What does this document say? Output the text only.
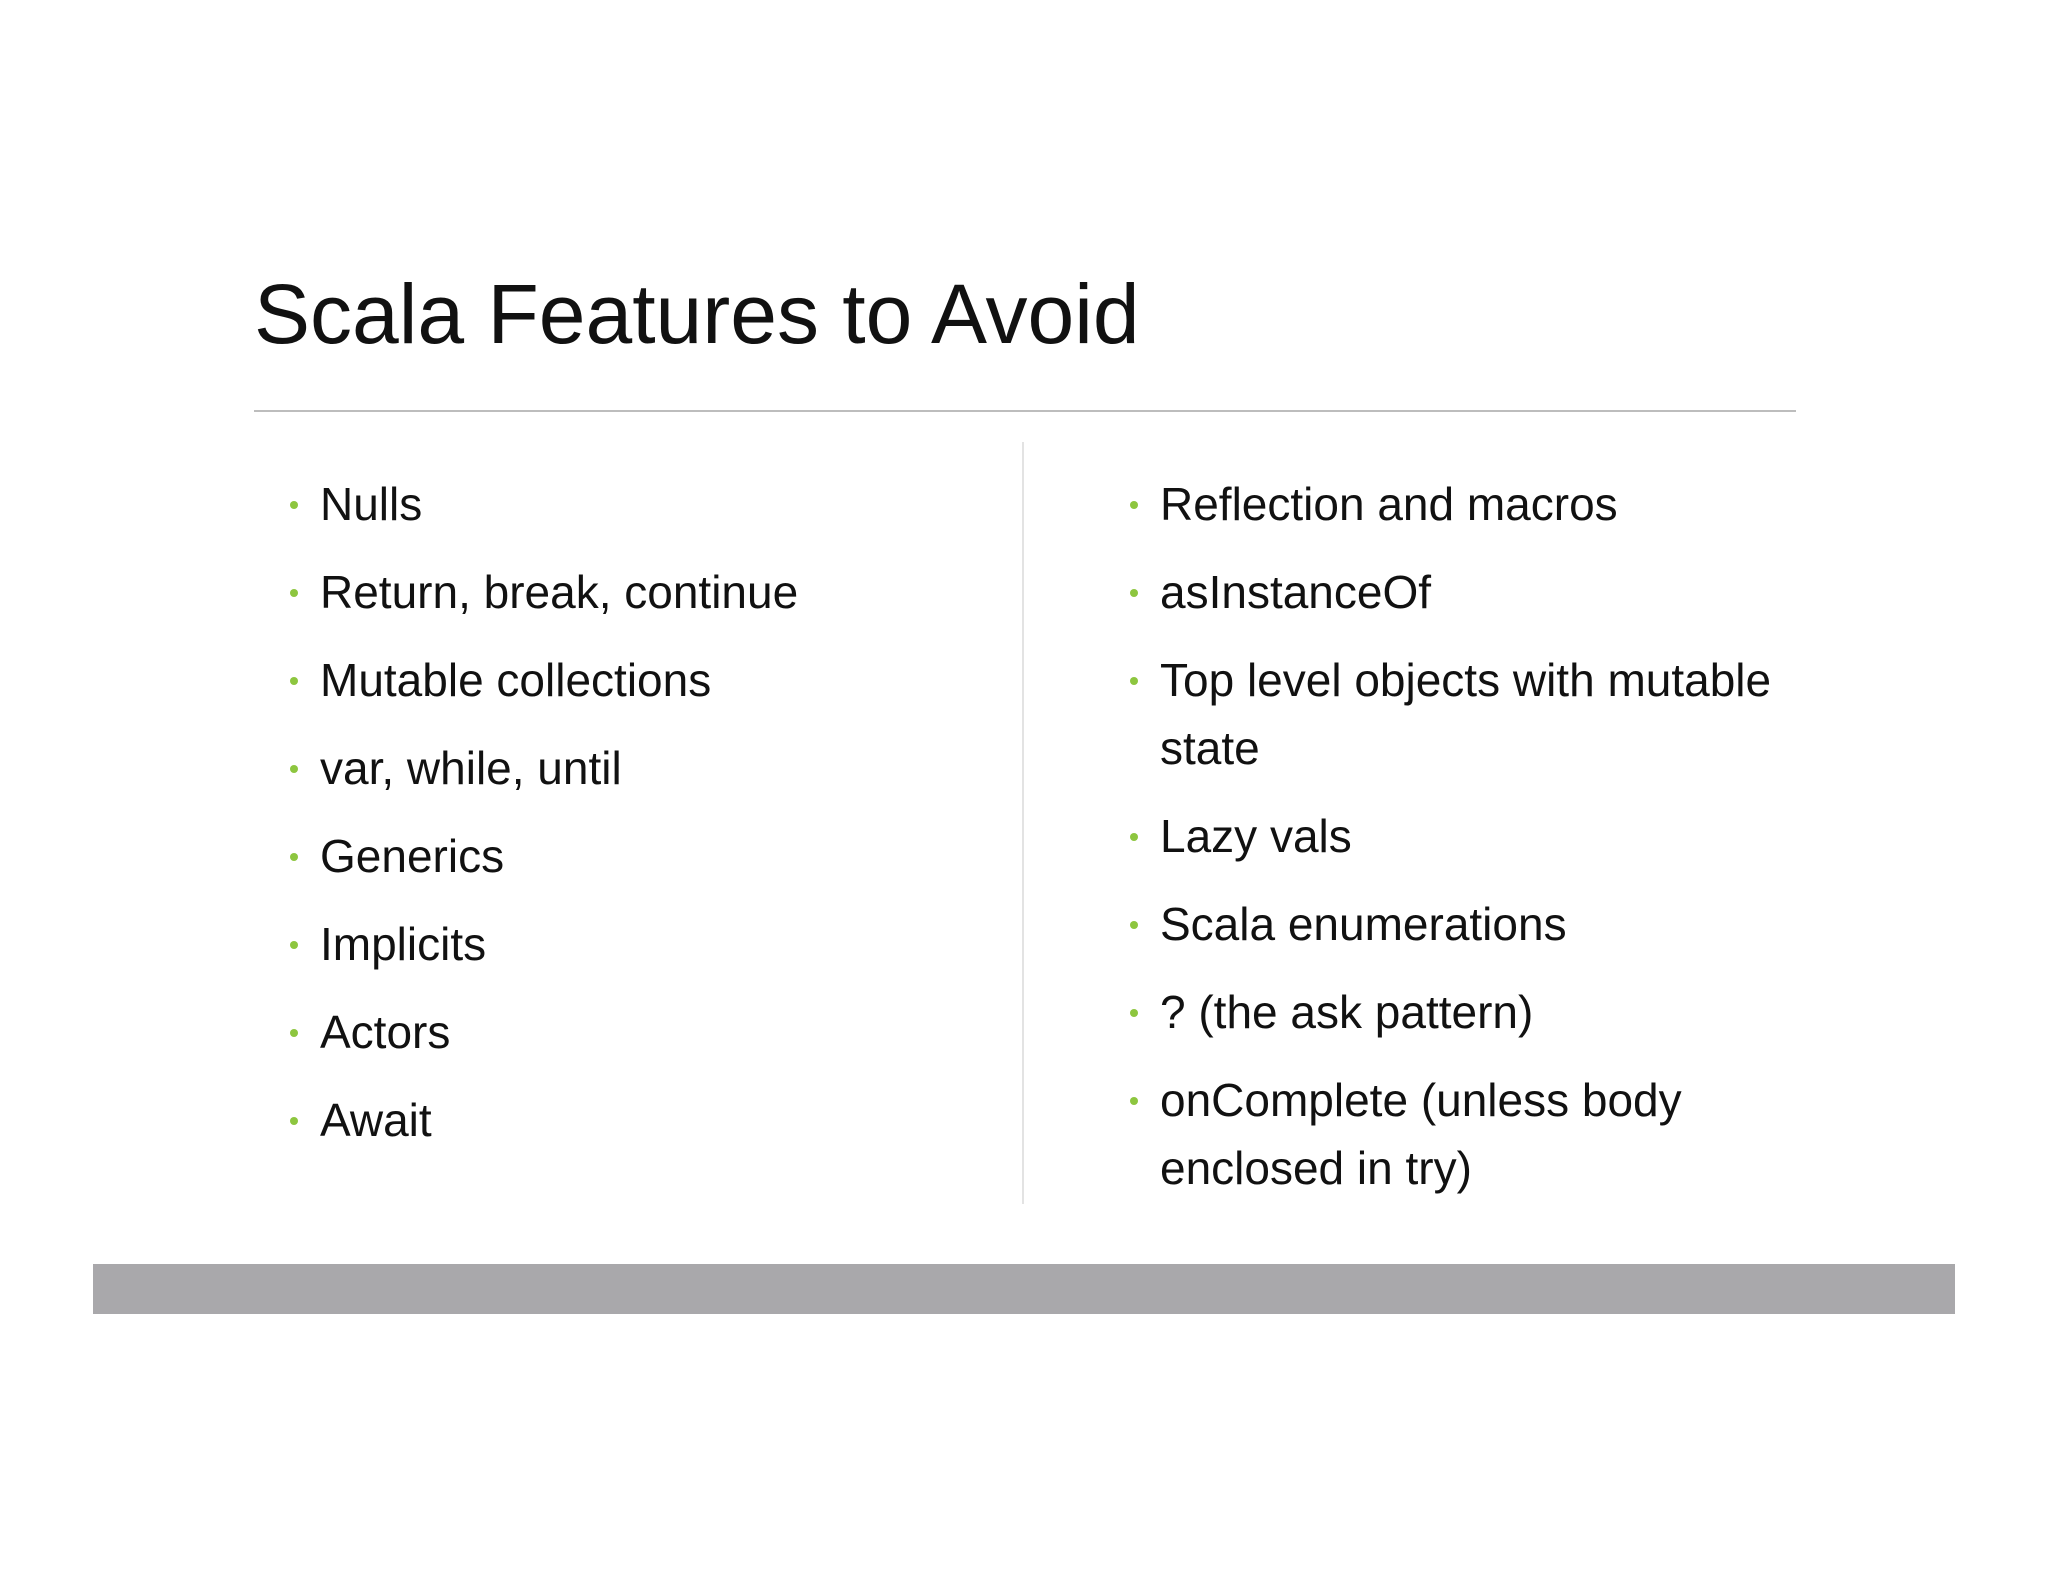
Scala Features to Avoid
Nulls
Return, break, continue
Mutable collections
var, while, until
Generics
Implicits
Actors
Await
Reflection and macros
asInstanceOf
Top level objects with mutable state
Lazy vals
Scala enumerations
? (the ask pattern)
onComplete (unless body enclosed in try)
